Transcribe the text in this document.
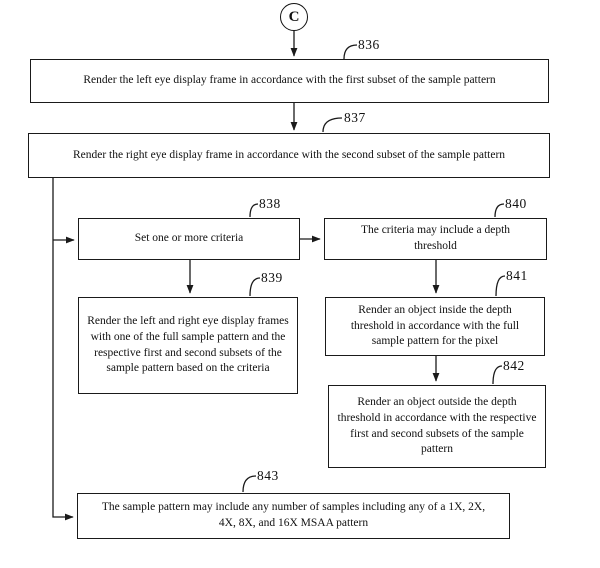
C
Render the left eye display frame in accordance with the first subset of the sample pattern
836
Render the right eye display frame in accordance with the second subset of the sample pattern
837
Set one or more criteria
838
The criteria may include a depth threshold
840
Render the left and right eye display frames with one of the full sample pattern and the respective first and second subsets of the sample pattern based on the criteria
839
Render an object inside the depth threshold in accordance with the full sample pattern for the pixel
841
Render an object outside the depth threshold in accordance with the respective first and second subsets of the sample pattern
842
The sample pattern may include any number of samples including any of a 1X, 2X, 4X, 8X, and 16X MSAA pattern
843
